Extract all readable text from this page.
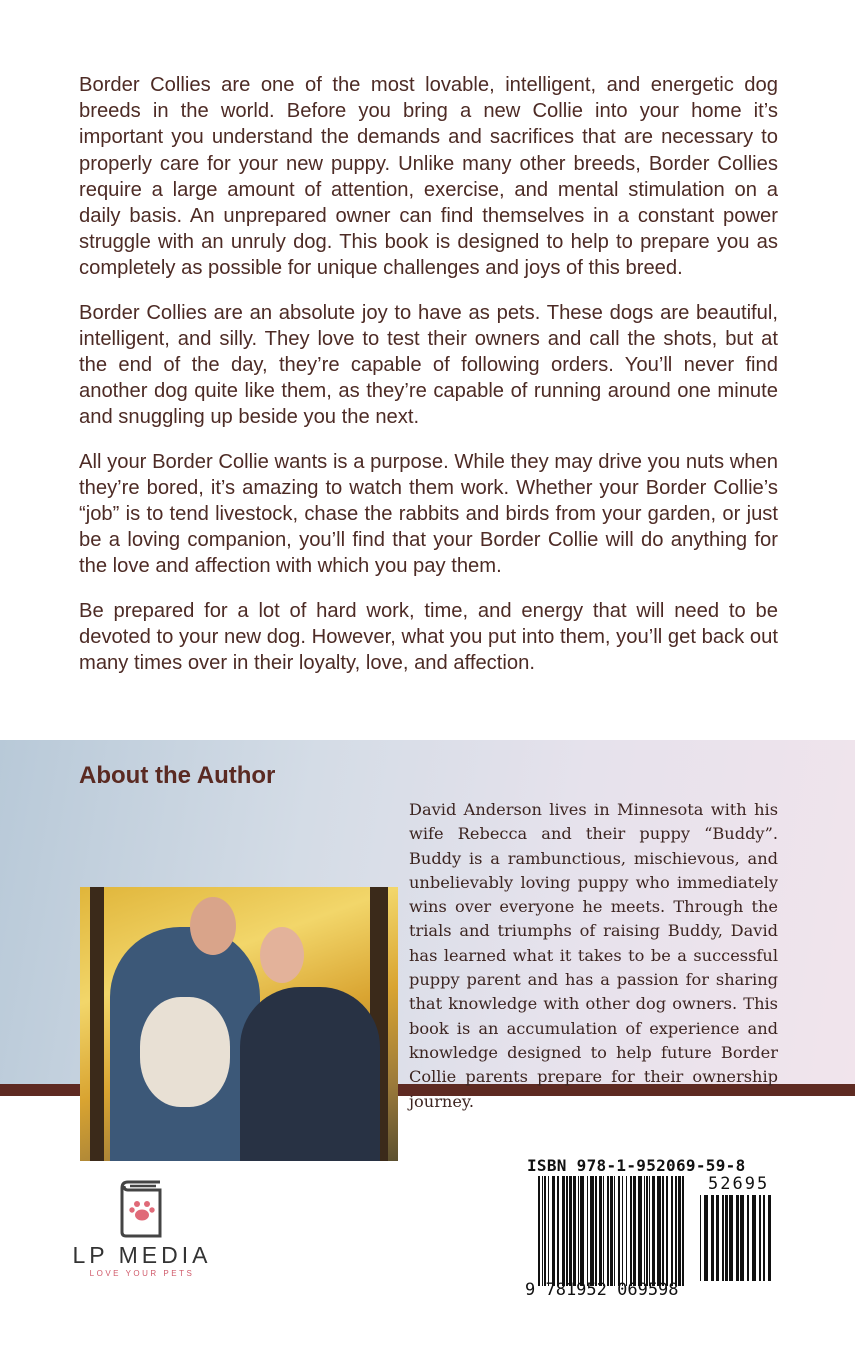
Border Collies are one of the most lovable, intelligent, and energetic dog breeds in the world. Before you bring a new Collie into your home it’s important you understand the demands and sacrifices that are necessary to properly care for your new puppy. Unlike many other breeds, Border Collies require a large amount of attention, exercise, and mental stimulation on a daily basis. An unprepared owner can find themselves in a constant power struggle with an unruly dog. This book is designed to help to prepare you as completely as possible for unique challenges and joys of this breed.

Border Collies are an absolute joy to have as pets. These dogs are beautiful, intelligent, and silly. They love to test their owners and call the shots, but at the end of the day, they’re capable of following orders. You’ll never find another dog quite like them, as they’re capable of running around one minute and snuggling up beside you the next.

All your Border Collie wants is a purpose. While they may drive you nuts when they’re bored, it’s amazing to watch them work. Whether your Border Collie’s “job” is to tend livestock, chase the rabbits and birds from your garden, or just be a loving companion, you’ll find that your Border Collie will do anything for the love and affection with which you pay them.

Be prepared for a lot of hard work, time, and energy that will need to be devoted to your new dog. However, what you put into them, you’ll get back out many times over in their loyalty, love, and affection.

About the Author
David Anderson lives in Minnesota with his wife Rebecca and their puppy “Buddy”. Buddy is a rambunctious, mischievous, and unbelievably loving puppy who immediately wins over everyone he meets. Through the trials and triumphs of raising Buddy, David has learned what it takes to be a successful puppy parent and has a passion for sharing that knowledge with other dog owners. This book is an accumulation of experience and knowledge designed to help future Border Collie parents prepare for their ownership journey.
LP MEDIA
LOVE YOUR PETS
ISBN 978-1-952069-59-8
52695
9 781952 069598
